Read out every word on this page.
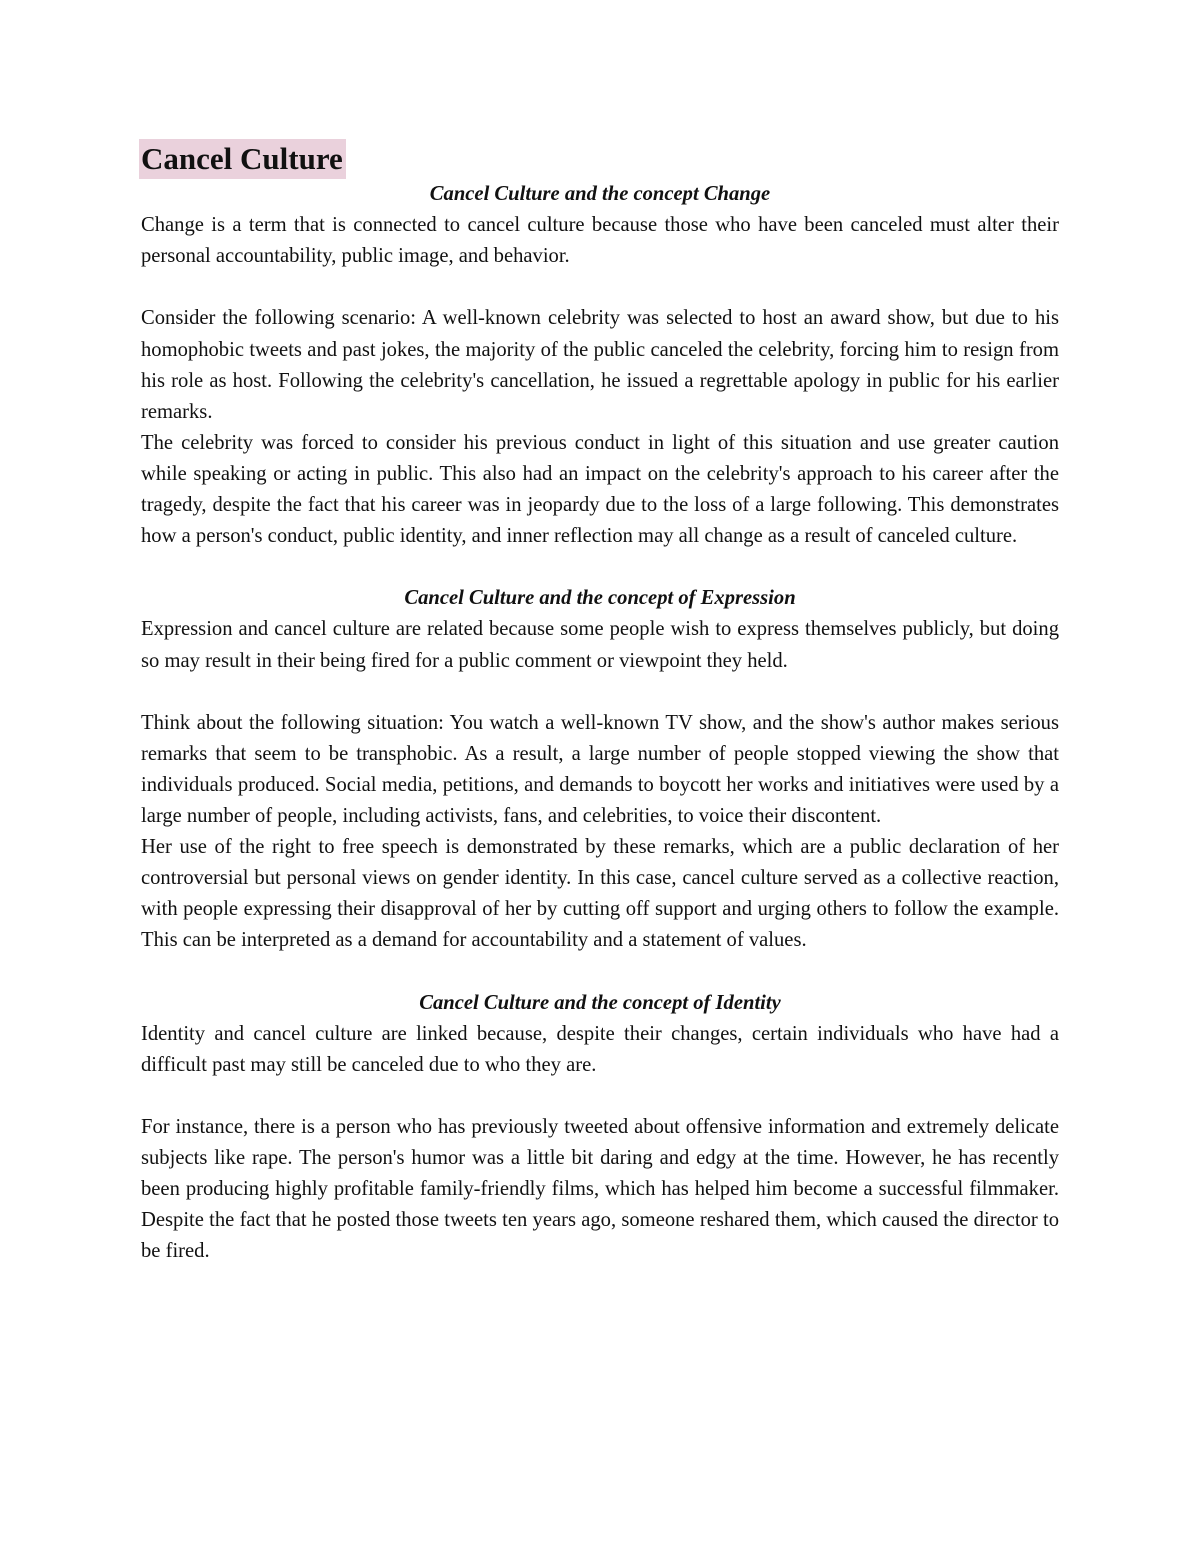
Cancel Culture
Cancel Culture and the concept Change

Change is a term that is connected to cancel culture because those who have been canceled must alter their personal accountability, public image, and behavior.

Consider the following scenario: A well-known celebrity was selected to host an award show, but due to his homophobic tweets and past jokes, the majority of the public canceled the celebrity, forcing him to resign from his role as host. Following the celebrity's cancellation, he issued a regrettable apology in public for his earlier remarks.

The celebrity was forced to consider his previous conduct in light of this situation and use greater caution while speaking or acting in public. This also had an impact on the celebrity's approach to his career after the tragedy, despite the fact that his career was in jeopardy due to the loss of a large following. This demonstrates how a person's conduct, public identity, and inner reflection may all change as a result of canceled culture.

Cancel Culture and the concept of Expression

Expression and cancel culture are related because some people wish to express themselves publicly, but doing so may result in their being fired for a public comment or viewpoint they held.

Think about the following situation: You watch a well-known TV show, and the show's author makes serious remarks that seem to be transphobic. As a result, a large number of people stopped viewing the show that individuals produced. Social media, petitions, and demands to boycott her works and initiatives were used by a large number of people, including activists, fans, and celebrities, to voice their discontent.

Her use of the right to free speech is demonstrated by these remarks, which are a public declaration of her controversial but personal views on gender identity. In this case, cancel culture served as a collective reaction, with people expressing their disapproval of her by cutting off support and urging others to follow the example. This can be interpreted as a demand for accountability and a statement of values.

Cancel Culture and the concept of Identity

Identity and cancel culture are linked because, despite their changes, certain individuals who have had a difficult past may still be canceled due to who they are.

For instance, there is a person who has previously tweeted about offensive information and extremely delicate subjects like rape. The person's humor was a little bit daring and edgy at the time. However, he has recently been producing highly profitable family-friendly films, which has helped him become a successful filmmaker. Despite the fact that he posted those tweets ten years ago, someone reshared them, which caused the director to be fired.
